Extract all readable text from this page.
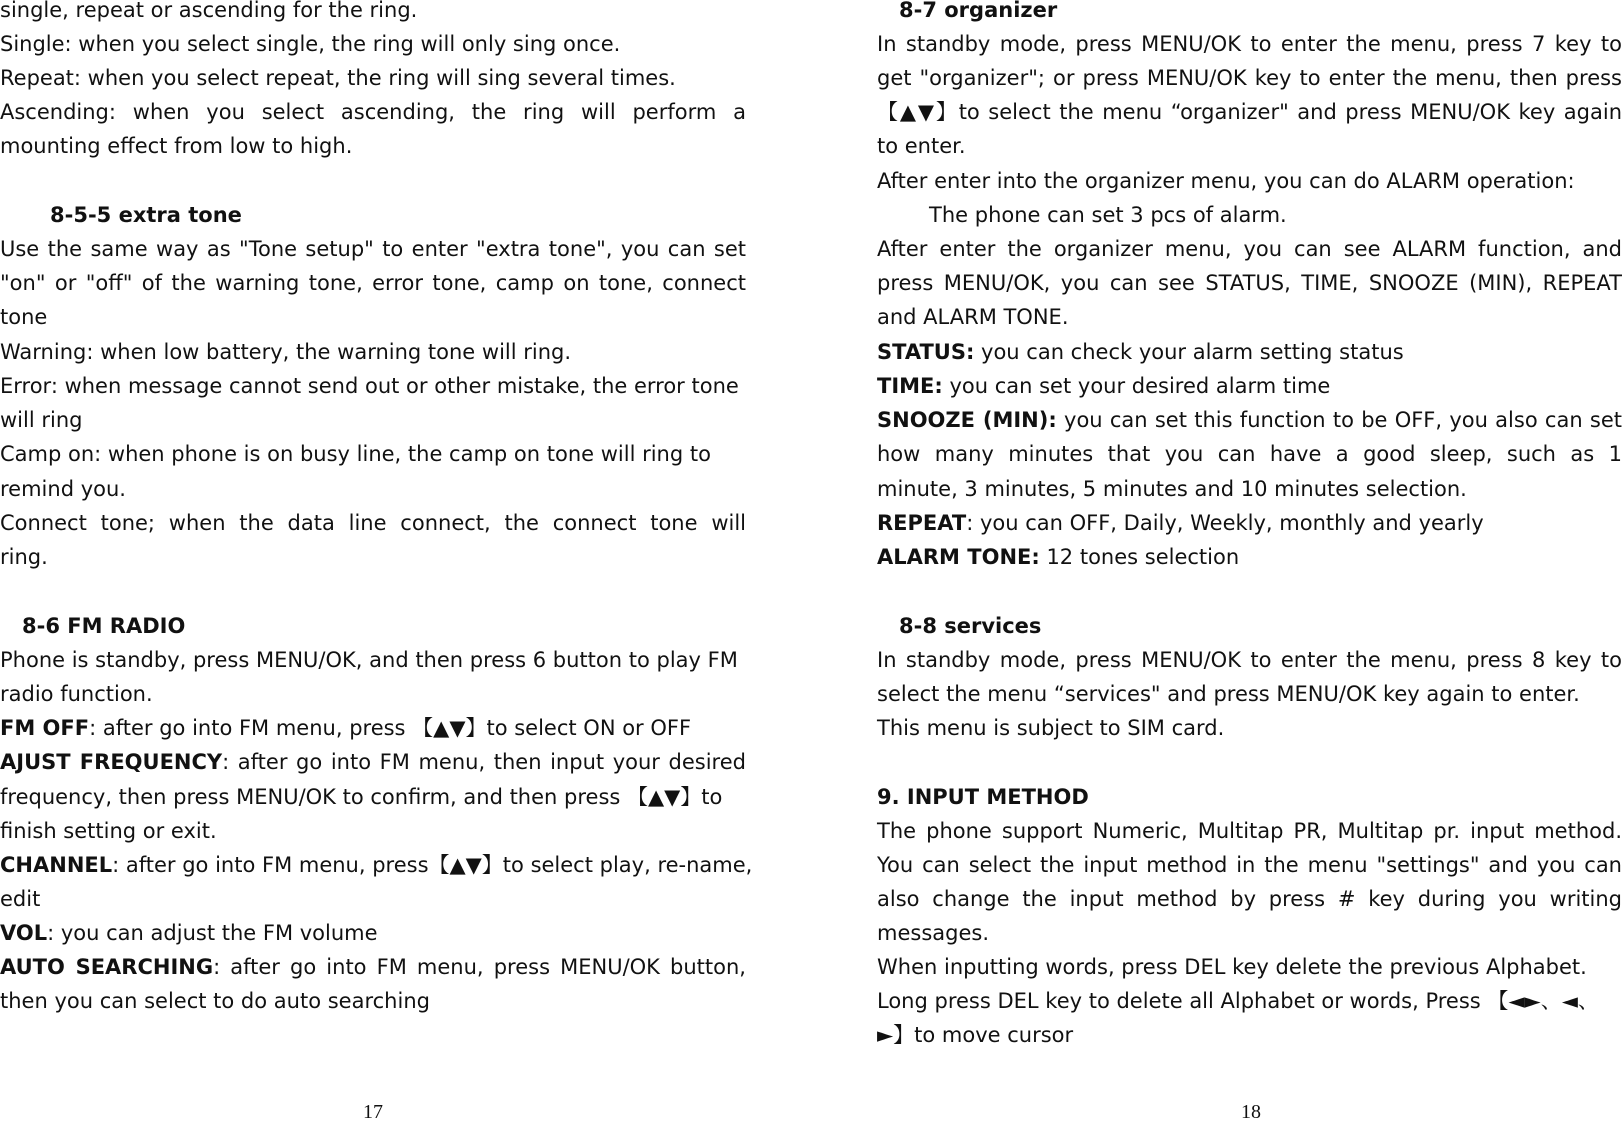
single, repeat or ascending for the ring.
Single: when you select single, the ring will only sing once.
Repeat: when you select repeat, the ring will sing several times.
Ascending: when you select ascending, the ring will perform a
mounting effect from low to high.
8-5-5 extra tone
Use the same way as "Tone setup" to enter "extra tone", you can set
"on" or "off" of the warning tone, error tone, camp on tone, connect
tone
Warning: when low battery, the warning tone will ring.
Error: when message cannot send out or other mistake, the error tone
will ring
Camp on: when phone is on busy line, the camp on tone will ring to
remind you.
Connect tone; when the data line connect, the connect tone will
ring.
8-6 FM RADIO
Phone is standby, press MENU/OK, and then press 6 button to play FM
radio function.
FM OFF: after go into FM menu, press 【▲▼】to select ON or OFF
AJUST FREQUENCY: after go into FM menu, then input your desired
frequency, then press MENU/OK to confirm, and then press 【▲▼】to
finish setting or exit.
CHANNEL: after go into FM menu, press【▲▼】to select play, re-name,
edit
VOL: you can adjust the FM volume
AUTO SEARCHING: after go into FM menu, press MENU/OK button,
then you can select to do auto searching
17
8-7 organizer
In standby mode, press MENU/OK to enter the menu, press 7 key to
get "organizer"; or press MENU/OK key to enter the menu, then press
【▲▼】to select the menu “organizer" and press MENU/OK key again
to enter.
After enter into the organizer menu, you can do ALARM operation:
The phone can set 3 pcs of alarm.
After enter the organizer menu, you can see ALARM function, and
press MENU/OK, you can see STATUS, TIME, SNOOZE (MIN), REPEAT
and ALARM TONE.
STATUS: you can check your alarm setting status
TIME: you can set your desired alarm time
SNOOZE (MIN): you can set this function to be OFF, you also can set
how many minutes that you can have a good sleep, such as 1
minute, 3 minutes, 5 minutes and 10 minutes selection.
REPEAT: you can OFF, Daily, Weekly, monthly and yearly
ALARM TONE: 12 tones selection
8-8 services
In standby mode, press MENU/OK to enter the menu, press 8 key to
select the menu “services" and press MENU/OK key again to enter.
This menu is subject to SIM card.
9. INPUT METHOD
The phone support Numeric, Multitap PR, Multitap pr. input method.
You can select the input method in the menu "settings" and you can
also change the input method by press # key during you writing
messages.
When inputting words, press DEL key delete the previous Alphabet.
Long press DEL key to delete all Alphabet or words, Press 【◄►、◄、
►】to move cursor
18
